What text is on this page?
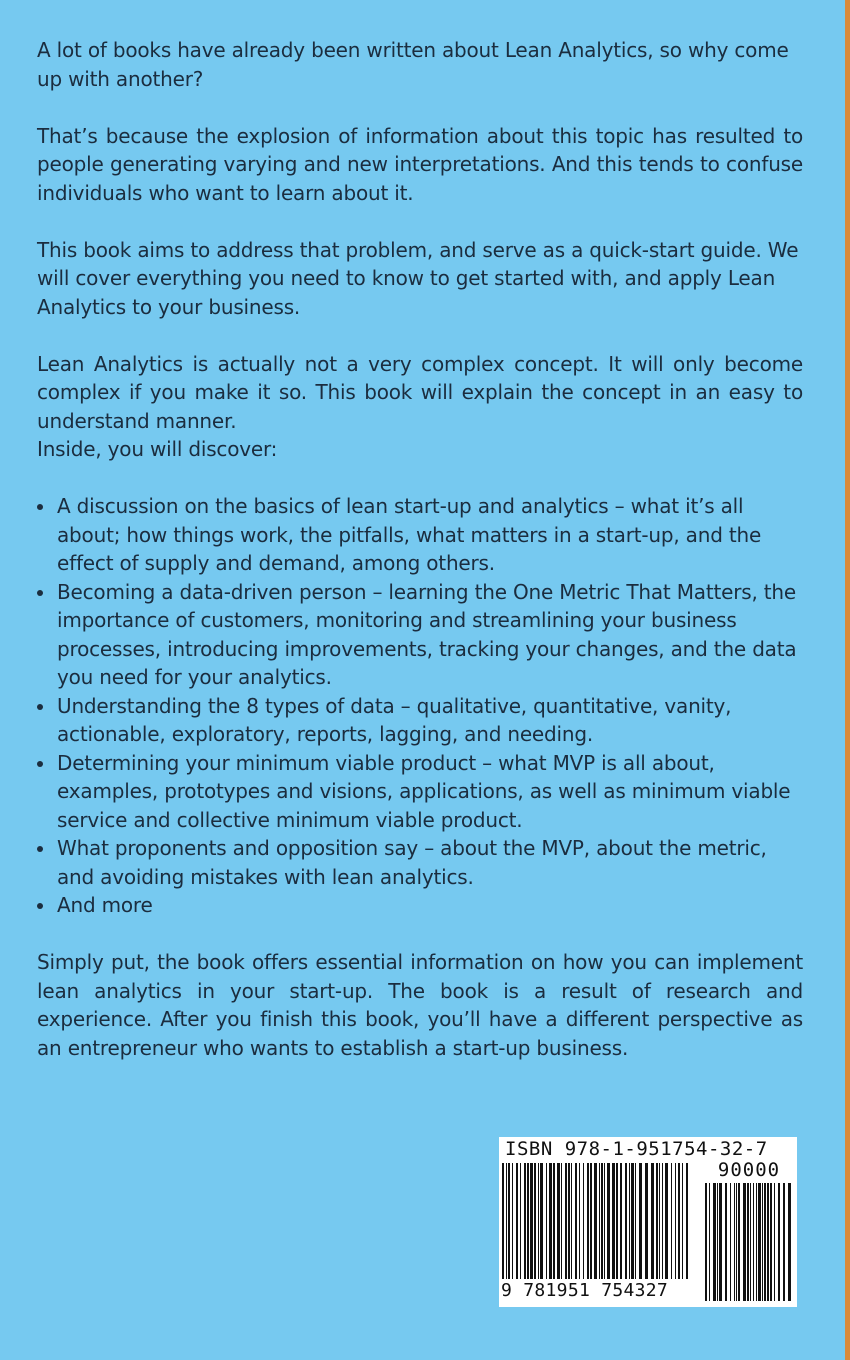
A lot of books have already been written about Lean Analytics, so why come up with another?

That’s because the explosion of information about this topic has resulted to people generating varying and new interpretations. And this tends to confuse individuals who want to learn about it.

This book aims to address that problem, and serve as a quick-start guide. We will cover everything you need to know to get started with, and apply Lean Analytics to your business.

Lean Analytics is actually not a very complex concept. It will only become complex if you make it so. This book will explain the concept in an easy to understand manner.

Inside, you will discover:

A discussion on the basics of lean start-up and analytics – what it’s all about; how things work, the pitfalls, what matters in a start-up, and the effect of supply and demand, among others.
Becoming a data-driven person – learning the One Metric That Matters, the importance of customers, monitoring and streamlining your business processes, introducing improvements, tracking your changes, and the data you need for your analytics.
Understanding the 8 types of data – qualitative, quantitative, vanity, actionable, exploratory, reports, lagging, and needing.
Determining your minimum viable product – what MVP is all about, examples, prototypes and visions, applications, as well as minimum viable service and collective minimum viable product.
What proponents and opposition say – about the MVP, about the metric, and avoiding mistakes with lean analytics.
And more

Simply put, the book offers essential information on how you can implement lean analytics in your start-up. The book is a result of research and experience. After you finish this book, you’ll have a different perspective as an entrepreneur who wants to establish a start-up business.

ISBN 978-1-951754-32-7
90000
9 781951 754327
